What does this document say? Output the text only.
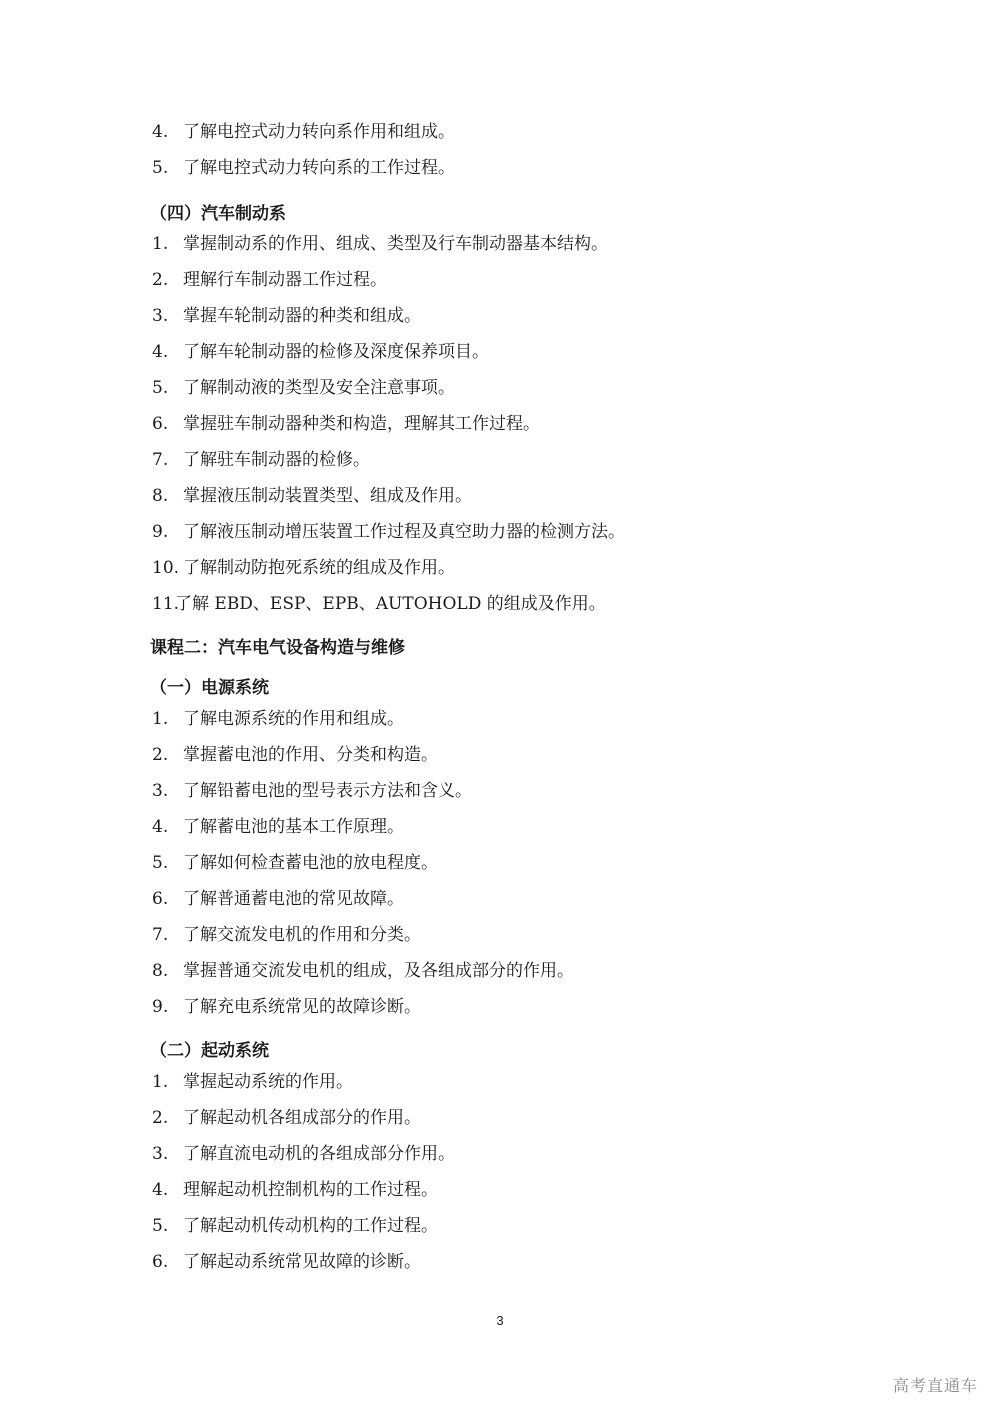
4. 了解电控式动力转向系作用和组成。
5. 了解电控式动力转向系的工作过程。
（四）汽车制动系
1. 掌握制动系的作用、组成、类型及行车制动器基本结构。
2. 理解行车制动器工作过程。
3. 掌握车轮制动器的种类和组成。
4. 了解车轮制动器的检修及深度保养项目。
5. 了解制动液的类型及安全注意事项。
6. 掌握驻车制动器种类和构造，理解其工作过程。
7. 了解驻车制动器的检修。
8. 掌握液压制动装置类型、组成及作用。
9. 了解液压制动增压装置工作过程及真空助力器的检测方法。
10. 了解制动防抱死系统的组成及作用。
11.
了解 EBD、ESP、EPB、AUTOHOLD 的组成及作用。
课程二：汽车电气设备构造与维修
（一）电源系统
1. 了解电源系统的作用和组成。
2. 掌握蓄电池的作用、分类和构造。
3. 了解铅蓄电池的型号表示方法和含义。
4. 了解蓄电池的基本工作原理。
5. 了解如何检查蓄电池的放电程度。
6. 了解普通蓄电池的常见故障。
7. 了解交流发电机的作用和分类。
8. 掌握普通交流发电机的组成，及各组成部分的作用。
9. 了解充电系统常见的故障诊断。
（二）起动系统
1. 掌握起动系统的作用。
2. 了解起动机各组成部分的作用。
3. 了解直流电动机的各组成部分作用。
4. 理解起动机控制机构的工作过程。
5. 了解起动机传动机构的工作过程。
6. 了解起动系统常见故障的诊断。
3
高考直通车
